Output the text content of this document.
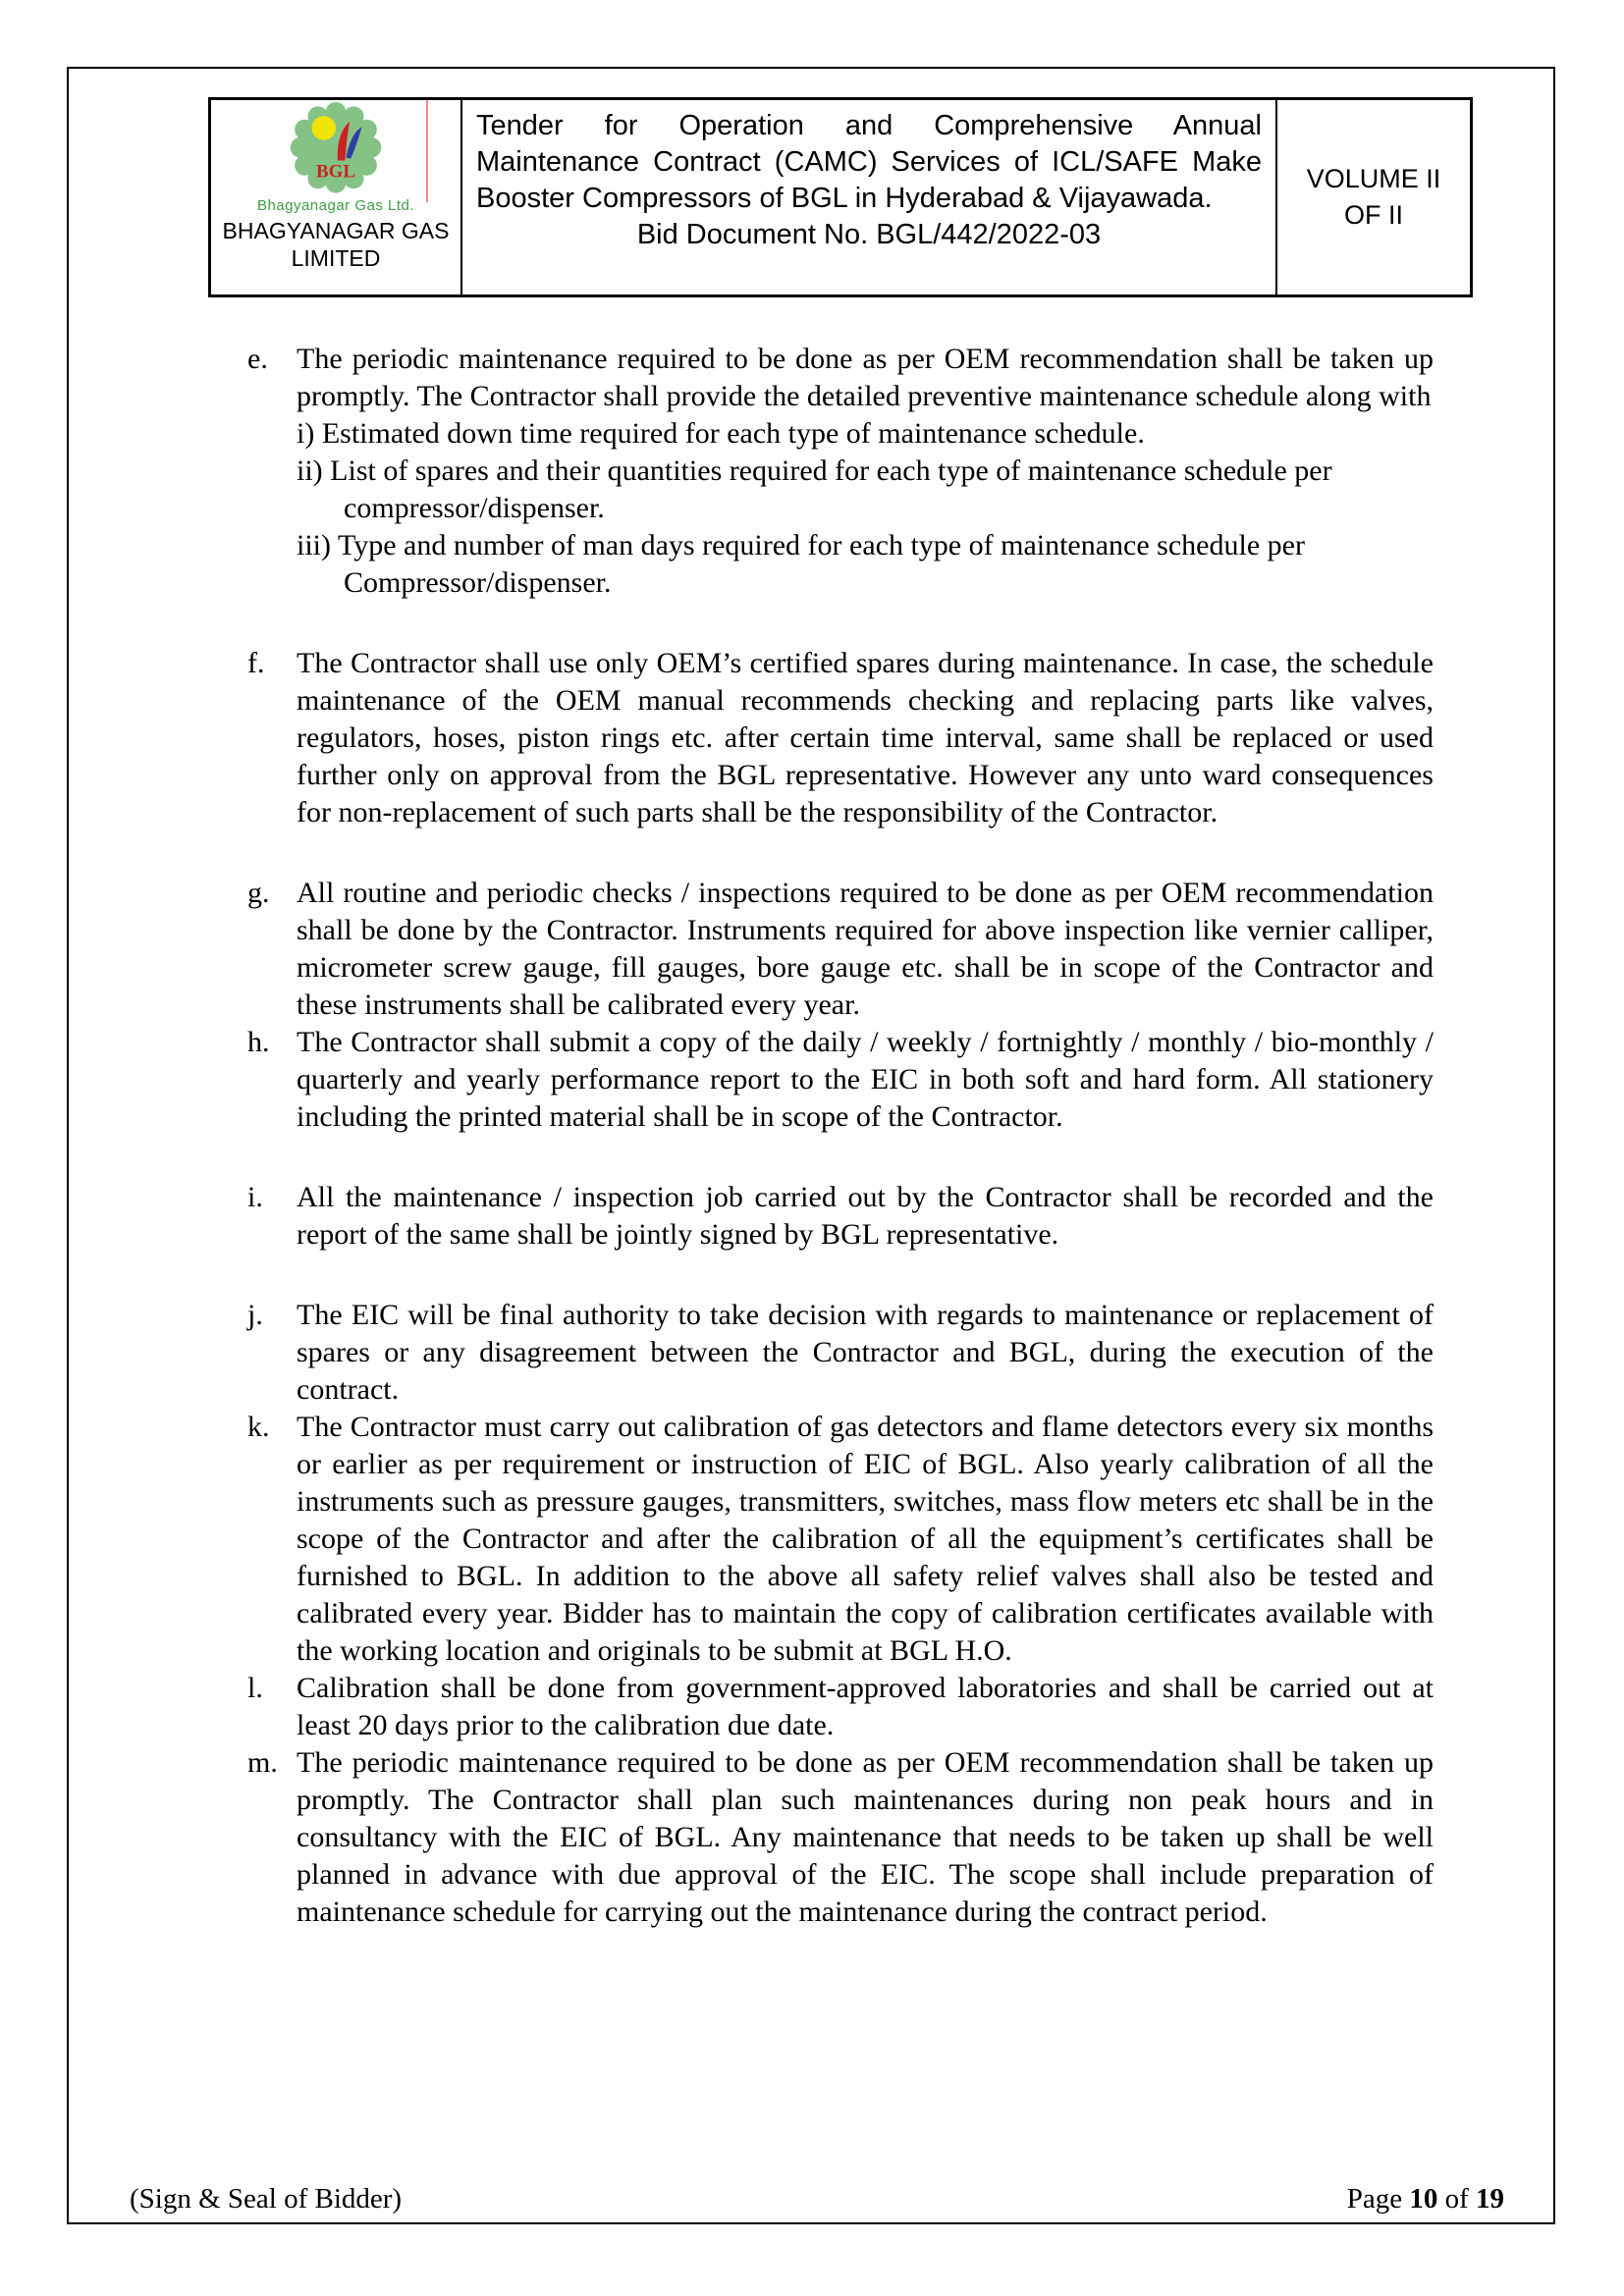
BGL
Bhagyanagar Gas Ltd.
BHAGYANAGAR GAS
LIMITED
Tender for Operation and Comprehensive Annual Maintenance Contract (CAMC) Services of ICL/SAFE Make Booster Compressors of BGL in Hyderabad & Vijayawada.
Bid Document No. BGL/442/2022-03
VOLUME II
OF II
e. The periodic maintenance required to be done as per OEM recommendation shall be taken up promptly. The Contractor shall provide the detailed preventive maintenance schedule along with
i) Estimated down time required for each type of maintenance schedule.
ii) List of spares and their quantities required for each type of maintenance schedule per compressor/dispenser.
iii) Type and number of man days required for each type of maintenance schedule per Compressor/dispenser.
f.	The Contractor shall use only OEM’s certified spares during maintenance. In case, the schedule maintenance of the OEM manual recommends checking and replacing parts like valves, regulators, hoses, piston rings etc. after certain time interval, same shall be replaced or used further only on approval from the BGL representative. However any unto ward consequences for non-replacement of such parts shall be the responsibility of the Contractor.
g. All routine and periodic checks / inspections required to be done as per OEM recommendation shall be done by the Contractor. Instruments required for above inspection like vernier calliper, micrometer screw gauge, fill gauges, bore gauge etc. shall be in scope of the Contractor and these instruments shall be calibrated every year.
h. The Contractor shall submit a copy of the daily / weekly / fortnightly / monthly / bio-monthly / quarterly and yearly performance report to the EIC in both soft and hard form. All stationery including the printed material shall be in scope of the Contractor.
i.	All the maintenance / inspection job carried out by the Contractor shall be recorded and the report of the same shall be jointly signed by BGL representative.
j.	The EIC will be final authority to take decision with regards to maintenance or replacement of spares or any disagreement between the Contractor and BGL, during the execution of the contract.
k. The Contractor must carry out calibration of gas detectors and flame detectors every six months or earlier as per requirement or instruction of EIC of BGL. Also yearly calibration of all the instruments such as pressure gauges, transmitters, switches, mass flow meters etc shall be in the scope of the Contractor and after the calibration of all the equipment’s certificates shall be furnished to BGL. In addition to the above all safety relief valves shall also be tested and calibrated every year. Bidder has to maintain the copy of calibration certificates available with the working location and originals to be submit at BGL H.O.
l.	Calibration shall be done from government-approved laboratories and shall be carried out at least 20 days prior to the calibration due date.
m. The periodic maintenance required to be done as per OEM recommendation shall be taken up promptly. The Contractor shall plan such maintenances during non peak hours and in consultancy with the EIC of BGL. Any maintenance that needs to be taken up shall be well planned in advance with due approval of the EIC. The scope shall include preparation of maintenance schedule for carrying out the maintenance during the contract period.
(Sign & Seal of Bidder)	Page 10 of 19
